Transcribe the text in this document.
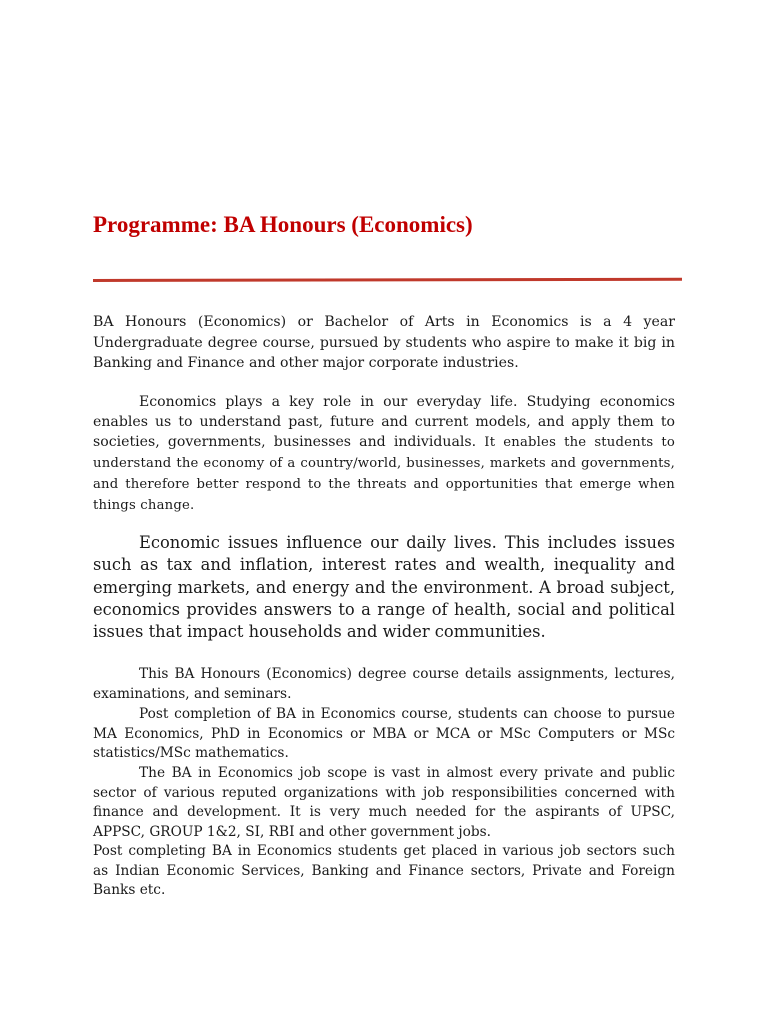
Programme: BA Honours (Economics)

BA Honours (Economics) or Bachelor of Arts in Economics is a 4 year Undergraduate degree course, pursued by students who aspire to make it big in Banking and Finance and other major corporate industries.

Economics plays a key role in our everyday life. Studying economics enables us to understand past, future and current models, and apply them to societies, governments, businesses and individuals. It enables the students to understand the economy of a country/world, businesses, markets and governments, and therefore better respond to the threats and opportunities that emerge when things change.

Economic issues influence our daily lives. This includes issues such as tax and inflation, interest rates and wealth, inequality and emerging markets, and energy and the environment. A broad subject, economics provides answers to a range of health, social and political issues that impact households and wider communities.

This BA Honours (Economics) degree course details assignments, lectures, examinations, and seminars.

Post completion of BA in Economics course, students can choose to pursue MA Economics, PhD in Economics or MBA or MCA or MSc Computers or MSc statistics/MSc mathematics.

The BA in Economics job scope is vast in almost every private and public sector of various reputed organizations with job responsibilities concerned with finance and development. It is very much needed for the aspirants of UPSC, APPSC, GROUP 1&2, SI, RBI and other government jobs.

Post completing BA in Economics students get placed in various job sectors such as Indian Economic Services, Banking and Finance sectors, Private and Foreign Banks etc.
